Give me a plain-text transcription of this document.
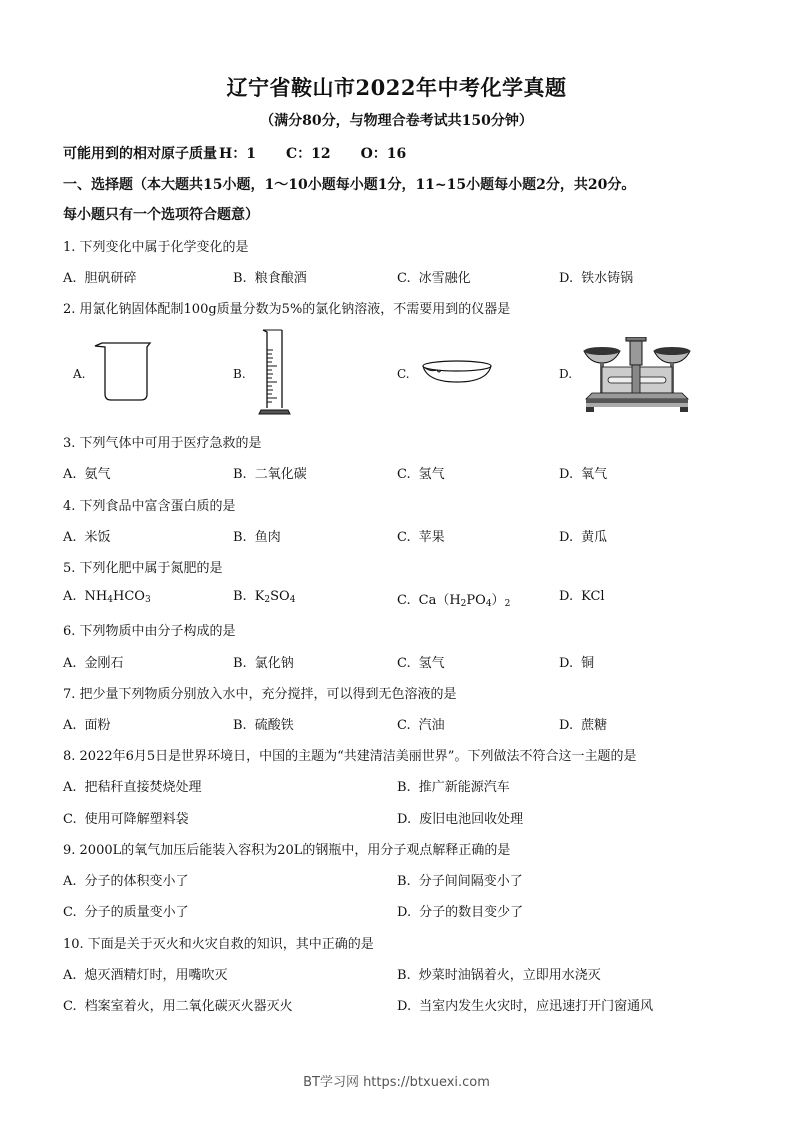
辽宁省鞍山市2022年中考化学真题
（满分80分，与物理合卷考试共150分钟）
可能用到的相对原子质量 H：1 C：12 O：16
一、选择题（本大题共15小题，1～10小题每小题1分，11~15小题每小题2分，共20分。
每小题只有一个选项符合题意）
1. 下列变化中属于化学变化的是
A. 胆矾研碎	B. 粮食酿酒	C. 冰雪融化	D. 铁水铸锅
2. 用氯化钠固体配制100g质量分数为5%的氯化钠溶液，不需要用到的仪器是
A.	B.	C.	D.
3. 下列气体中可用于医疗急救的是
A. 氨气	B. 二氧化碳	C. 氢气	D. 氧气
4. 下列食品中富含蛋白质的是
A. 米饭	B. 鱼肉	C. 苹果	D. 黄瓜
5. 下列化肥中属于氮肥的是
A. $NH_4HCO_3$	B. $K_2SO_4$	C. $Ca(H_2PO_4)_2$	D. KCl
6. 下列物质中由分子构成的是
A. 金刚石	B. 氯化钠	C. 氢气	D. 铜
7. 把少量下列物质分别放入水中，充分搅拌，可以得到无色溶液的是
A. 面粉	B. 硫酸铁	C. 汽油	D. 蔗糖
8. 2022年6月5日是世界环境日，中国的主题为“共建清洁美丽世界”。下列做法不符合这一主题的是
A. 把秸秆直接焚烧处理	B. 推广新能源汽车
C. 使用可降解塑料袋	D. 废旧电池回收处理
9. 2000L的氧气加压后能装入容积为20L的钢瓶中，用分子观点解释正确的是
A. 分子的体积变小了	B. 分子间间隔变小了
C. 分子的质量变小了	D. 分子的数目变少了
10. 下面是关于灭火和火灾自救的知识，其中正确的是
A. 熄灭酒精灯时，用嘴吹灭	B. 炒菜时油锅着火，立即用水浇灭
C. 档案室着火，用二氧化碳灭火器灭火	D. 当室内发生火灾时，应迅速打开门窗通风
BT学习网 https://btxuexi.com
